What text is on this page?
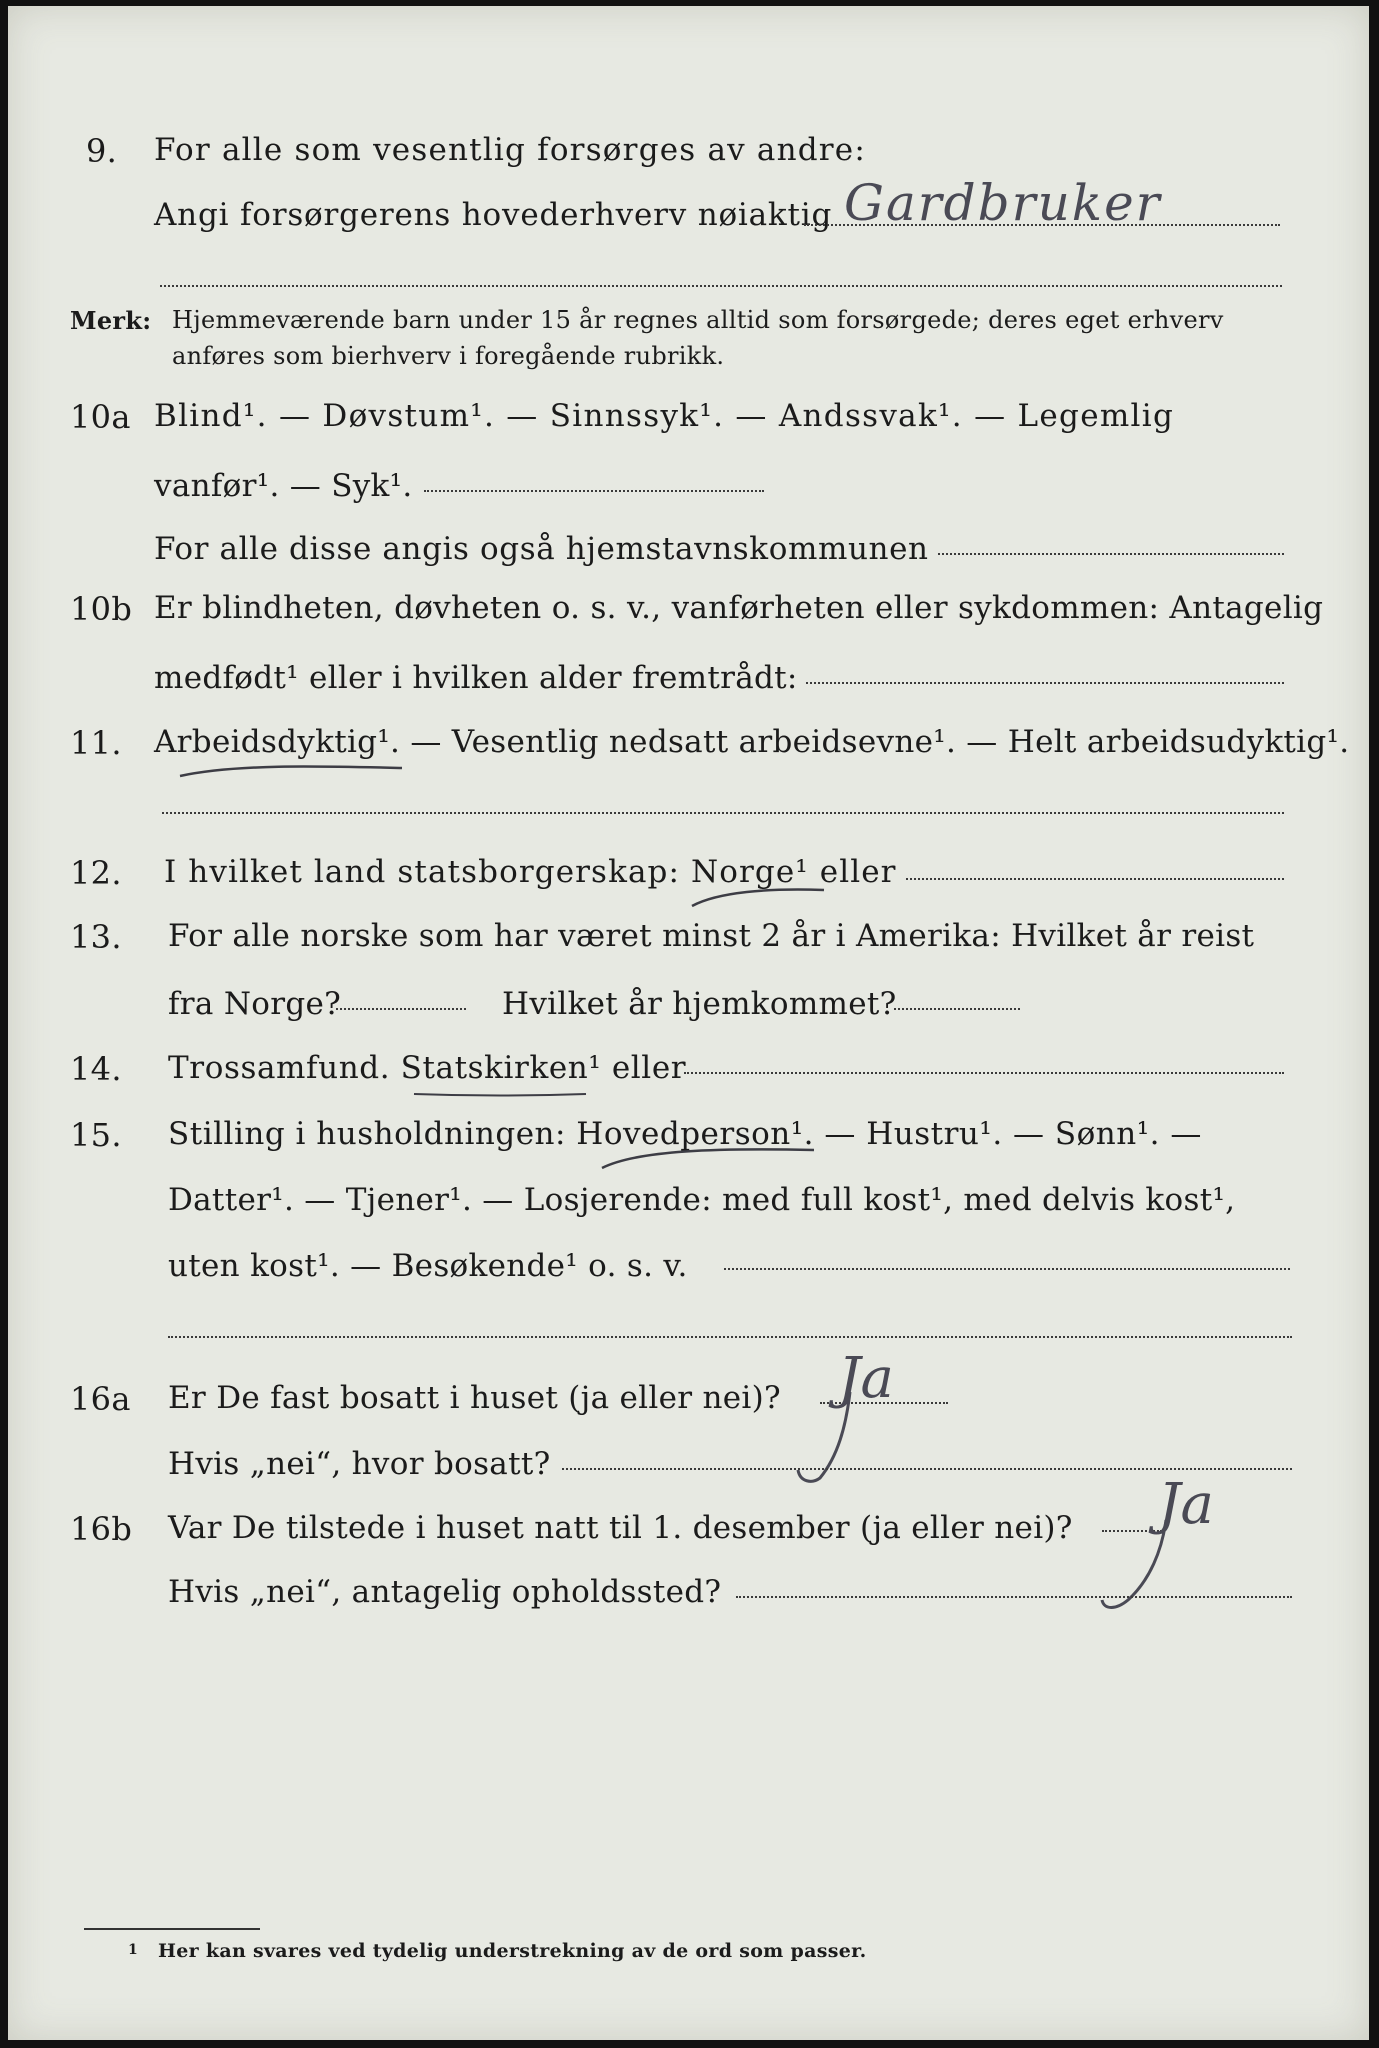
9. For alle som vesentlig forsørges av andre:
Angi forsørgerens hovederhverv nøiaktig Gardbruker
Merk: Hjemmeværende barn under 15 år regnes alltid som forsørgede; deres eget erhverv
anføres som bierhverv i foregående rubrikk.
10a Blind¹. — Døvstum¹. — Sinnssyk¹. — Andssvak¹. — Legemlig
vanfør¹. — Syk¹.
For alle disse angis også hjemstavnskommunen
10b Er blindheten, døvheten o. s. v., vanførheten eller sykdommen: Antagelig
medfødt¹ eller i hvilken alder fremtrådt:
11. Arbeidsdyktig¹. — Vesentlig nedsatt arbeidsevne¹. — Helt arbeidsudyktig¹.
12. I hvilket land statsborgerskap: Norge¹ eller
13. For alle norske som har været minst 2 år i Amerika: Hvilket år reist
fra Norge?	Hvilket år hjemkommet?
14. Trossamfund. Statskirken¹ eller
15. Stilling i husholdningen: Hovedperson¹. — Hustru¹. — Sønn¹. —
Datter¹. — Tjener¹. — Losjerende: med full kost¹, med delvis kost¹,
uten kost¹. — Besøkende¹ o. s. v.
16a Er De fast bosatt i huset (ja eller nei)? Ja
Hvis „nei“, hvor bosatt?
16b Var De tilstede i huset natt til 1. desember (ja eller nei)? Ja
Hvis „nei“, antagelig opholdssted?
1 Her kan svares ved tydelig understrekning av de ord som passer.
